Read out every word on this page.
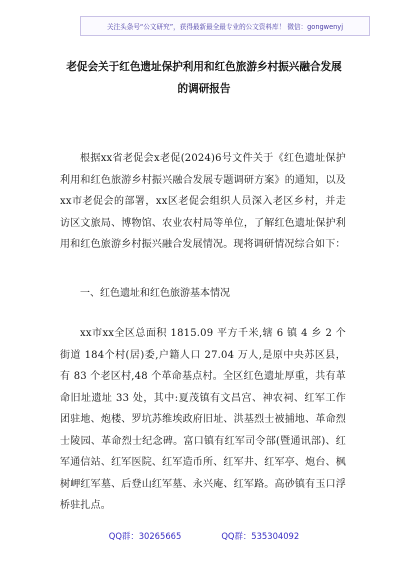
关注头条号“公文研究”，获得最新最全最专业的公文资料库！ 微信：gongwenyj
老促会关于红色遗址保护利用和红色旅游乡村振兴融合发展的调研报告

根据xx省老促会x老促(2024)6号文件关于《红色遗址保护利用和红色旅游乡村振兴融合发展专题调研方案》的通知，以及xx市老促会的部署，xx区老促会组织人员深入老区乡村，并走访区文旅局、博物馆、农业农村局等单位，了解红色遗址保护利用和红色旅游乡村振兴融合发展情况。现将调研情况综合如下：

一、红色遗址和红色旅游基本情况

xx市xx全区总面积 1815.09 平方千米,辖 6 镇 4 乡 2 个街道 184个村(居)委,户籍人口 27.04 万人,是原中央苏区县，有 83 个老区村,48 个革命基点村。全区红色遗址厚重，共有革命旧址遗址 33 处，其中:夏茂镇有文昌宫、神农祠、红军工作团驻地、炮楼、罗坑苏维埃政府旧址、洪基烈士被捕地、革命烈士陵园、革命烈士纪念碑。富口镇有红军司令部(暨通讯部)、红军通信站、红军医院、红军造币所、红军井、红军亭、炮台、枫树岬红军墓、后登山红军墓、永兴庵、红军路。高砂镇有玉口浮桥驻扎点。

QQ群：30265665	QQ群：535304092
